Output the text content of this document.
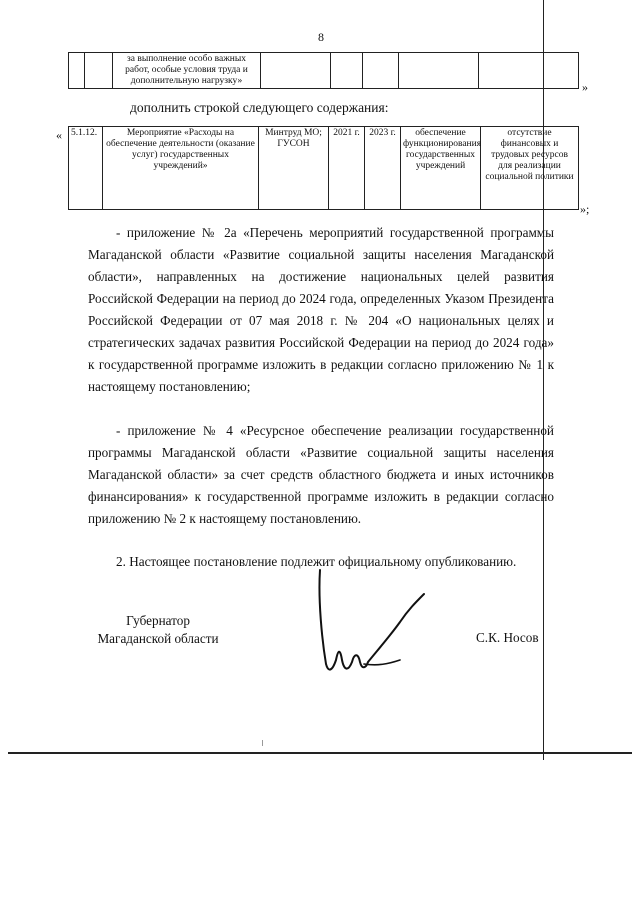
8
		за выполнение особо важных работ, особые условия труда и дополнительную нагрузку»						»
дополнить строкой следующего содержания:
« 5.1.12.	Мероприятие «Расходы на обеспечение деятельности (оказание услуг) государственных учреждений»	Минтруд МО; ГУСОН	2021 г.	2023 г.	обеспечение функционирования государственных учреждений	отсутствие финансовых и трудовых ресурсов для реализации социальной политики
»;
- приложение № 2а «Перечень мероприятий государственной программы Магаданской области «Развитие социальной защиты населения Магаданской области», направленных на достижение национальных целей развития Российской Федерации на период до 2024 года, определенных Указом Президента Российской Федерации от 07 мая 2018 г. № 204 «О национальных целях и стратегических задачах развития Российской Федерации на период до 2024 года» к государственной программе изложить в редакции согласно приложению № 1 к настоящему постановлению;
- приложение № 4 «Ресурсное обеспечение реализации государственной программы Магаданской области «Развитие социальной защиты населения Магаданской области» за счет средств областного бюджета и иных источников финансирования» к государственной программе изложить в редакции согласно приложению № 2 к настоящему постановлению.
2. Настоящее постановление подлежит официальному опубликованию.
Губернатор
Магаданской области	С.К. Носов
